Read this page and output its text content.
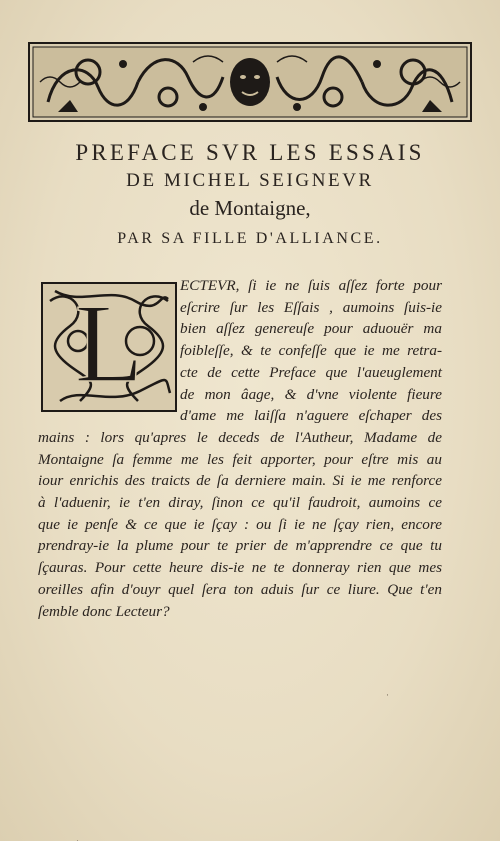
PREFACE SVR LES ESSAIS
DE MICHEL SEIGNEVR
de Montaigne,
PAR SA FILLE D'ALLIANCE.
L ECTEVR, ſi ie ne ſuis aſſez forte pour
eſcrire ſur les Eſſais , aumoins ſuis-ie
bien aſſez genereuſe pour aduouër ma
foibleſſe, & te confeſſe que ie me retra-
cte de cette Preface que l'aueuglement
de mon âage, & d'vne violente fieure
d'ame me laiſſa n'aguere eſchaper des
mains : lors qu'apres le deceds de l'Autheur, Madame de
Montaigne ſa femme me les feit apporter, pour eſtre mis au
iour enrichis des traicts de ſa derniere main. Si ie me renforce
à l'aduenir, ie t'en diray, ſinon ce qu'il faudroit, aumoins ce
que ie penſe & ce que ie ſçay : ou ſi ie ne ſçay rien, encore
prendray-ie la plume pour te prier de m'apprendre ce que tu
ſçauras. Pour cette heure dis-ie ne te donneray rien que mes
oreilles afin d'ouyr quel ſera ton aduis ſur ce liure. Que t'en
ſemble donc Lecteur?
·
·
